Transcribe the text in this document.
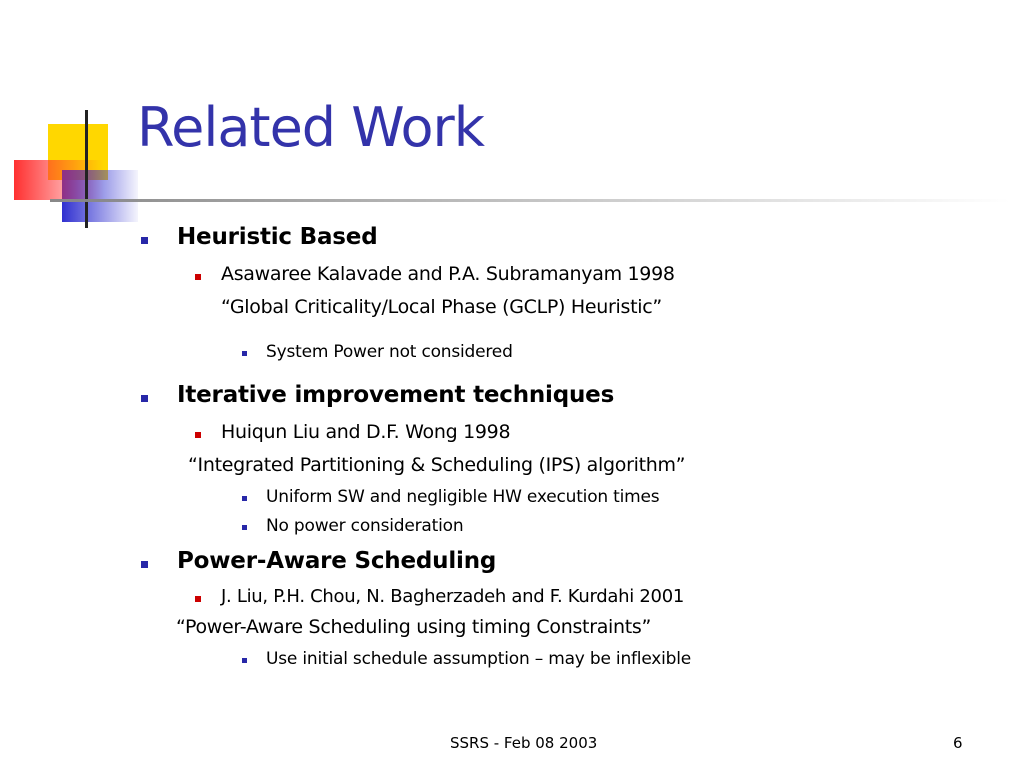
Related Work
Heuristic Based
Asawaree Kalavade and P.A. Subramanyam 1998
“Global Criticality/Local Phase (GCLP) Heuristic”
System Power not considered
Iterative improvement techniques
Huiqun Liu and D.F. Wong 1998
“Integrated Partitioning & Scheduling (IPS) algorithm”
Uniform SW and negligible HW execution times
No power consideration
Power-Aware Scheduling
J. Liu, P.H. Chou, N. Bagherzadeh and F. Kurdahi 2001
“Power-Aware Scheduling using timing Constraints”
Use initial schedule assumption – may be inflexible
SSRS - Feb 08 2003	6
